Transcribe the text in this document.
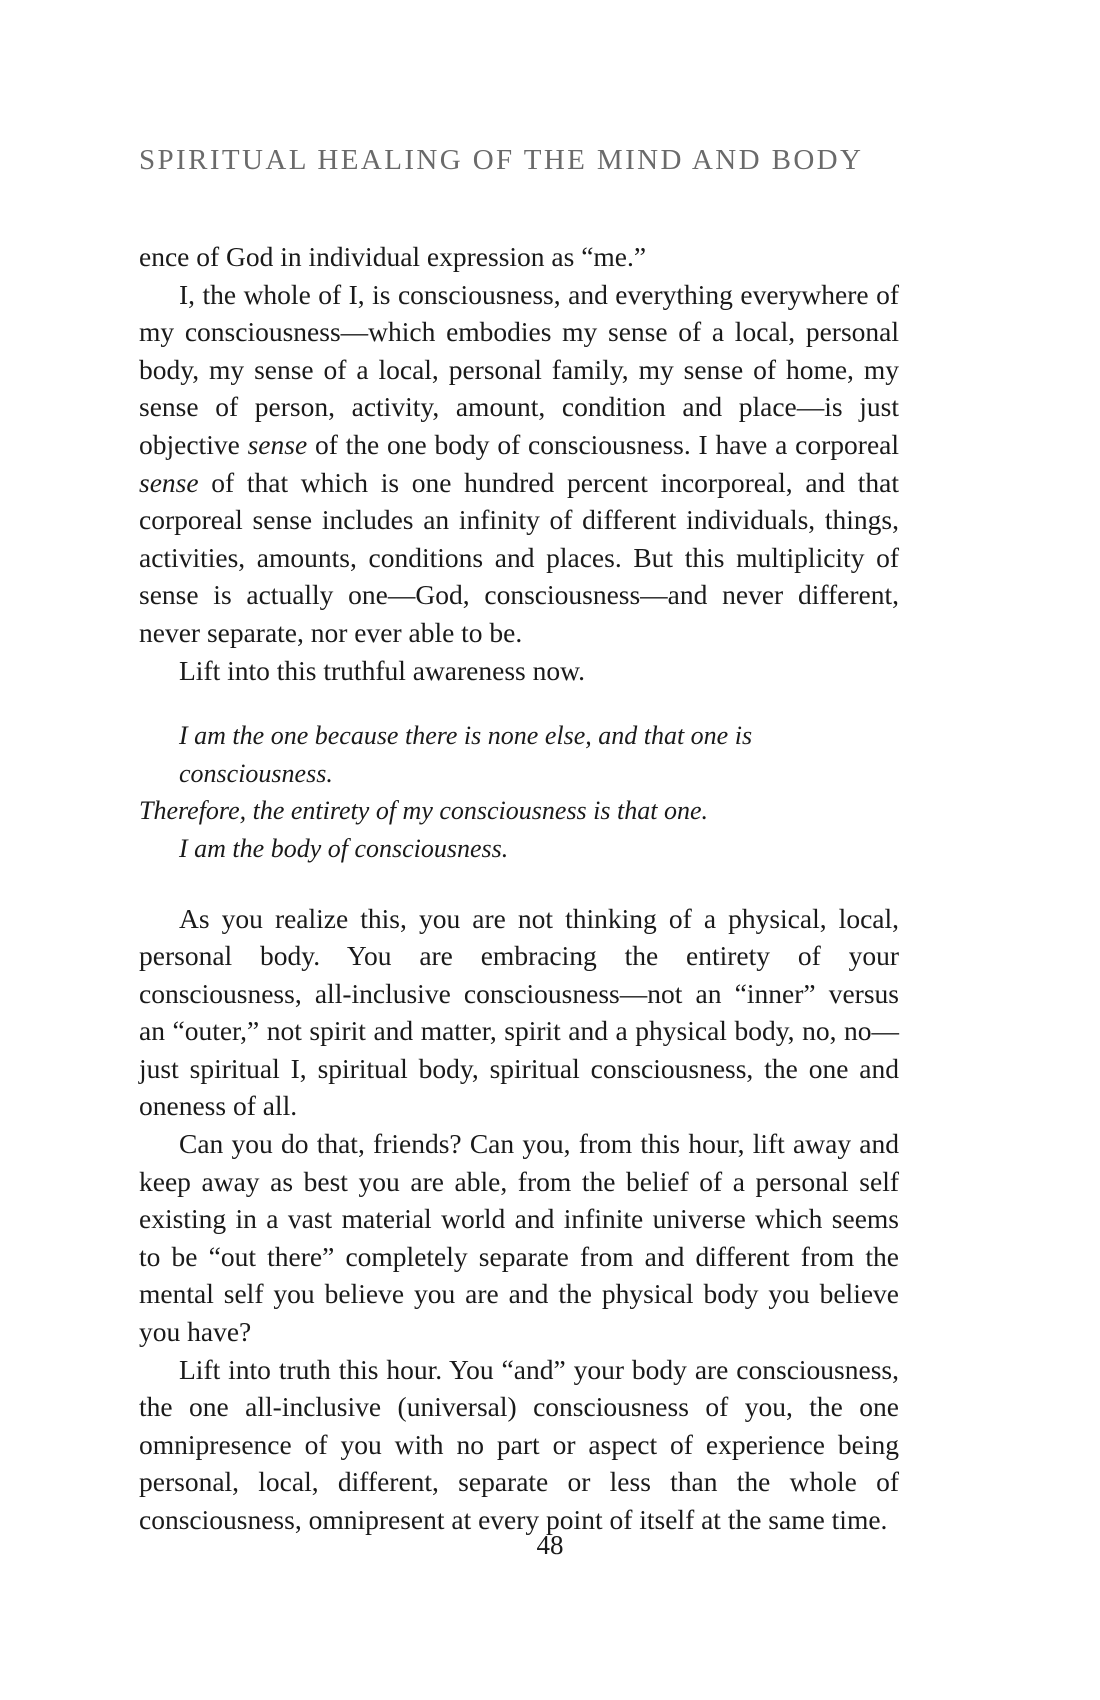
SPIRITUAL HEALING OF THE MIND AND BODY

ence of God in individual expression as “me.”

I, the whole of I, is consciousness, and everything everywhere of my consciousness—which embodies my sense of a local, personal body, my sense of a local, personal family, my sense of home, my sense of person, activity, amount, condition and place—is just objective sense of the one body of consciousness. I have a corporeal sense of that which is one hundred percent incorporeal, and that corporeal sense includes an infinity of different individuals, things, activities, amounts, conditions and places. But this multiplicity of sense is actually one—God, consciousness—and never different, never separate, nor ever able to be.

Lift into this truthful awareness now.

I am the one because there is none else, and that one is consciousness.
Therefore, the entirety of my consciousness is that one.
I am the body of consciousness.

As you realize this, you are not thinking of a physical, local, personal body. You are embracing the entirety of your consciousness, all-inclusive consciousness—not an “inner” versus an “outer,” not spirit and matter, spirit and a physical body, no, no—just spiritual I, spiritual body, spiritual consciousness, the one and oneness of all.

Can you do that, friends? Can you, from this hour, lift away and keep away as best you are able, from the belief of a personal self existing in a vast material world and infinite universe which seems to be “out there” completely separate from and different from the mental self you believe you are and the physical body you believe you have?

Lift into truth this hour. You “and” your body are consciousness, the one all-inclusive (universal) consciousness of you, the one omnipresence of you with no part or aspect of experience being personal, local, different, separate or less than the whole of consciousness, omnipresent at every point of itself at the same time.

48
